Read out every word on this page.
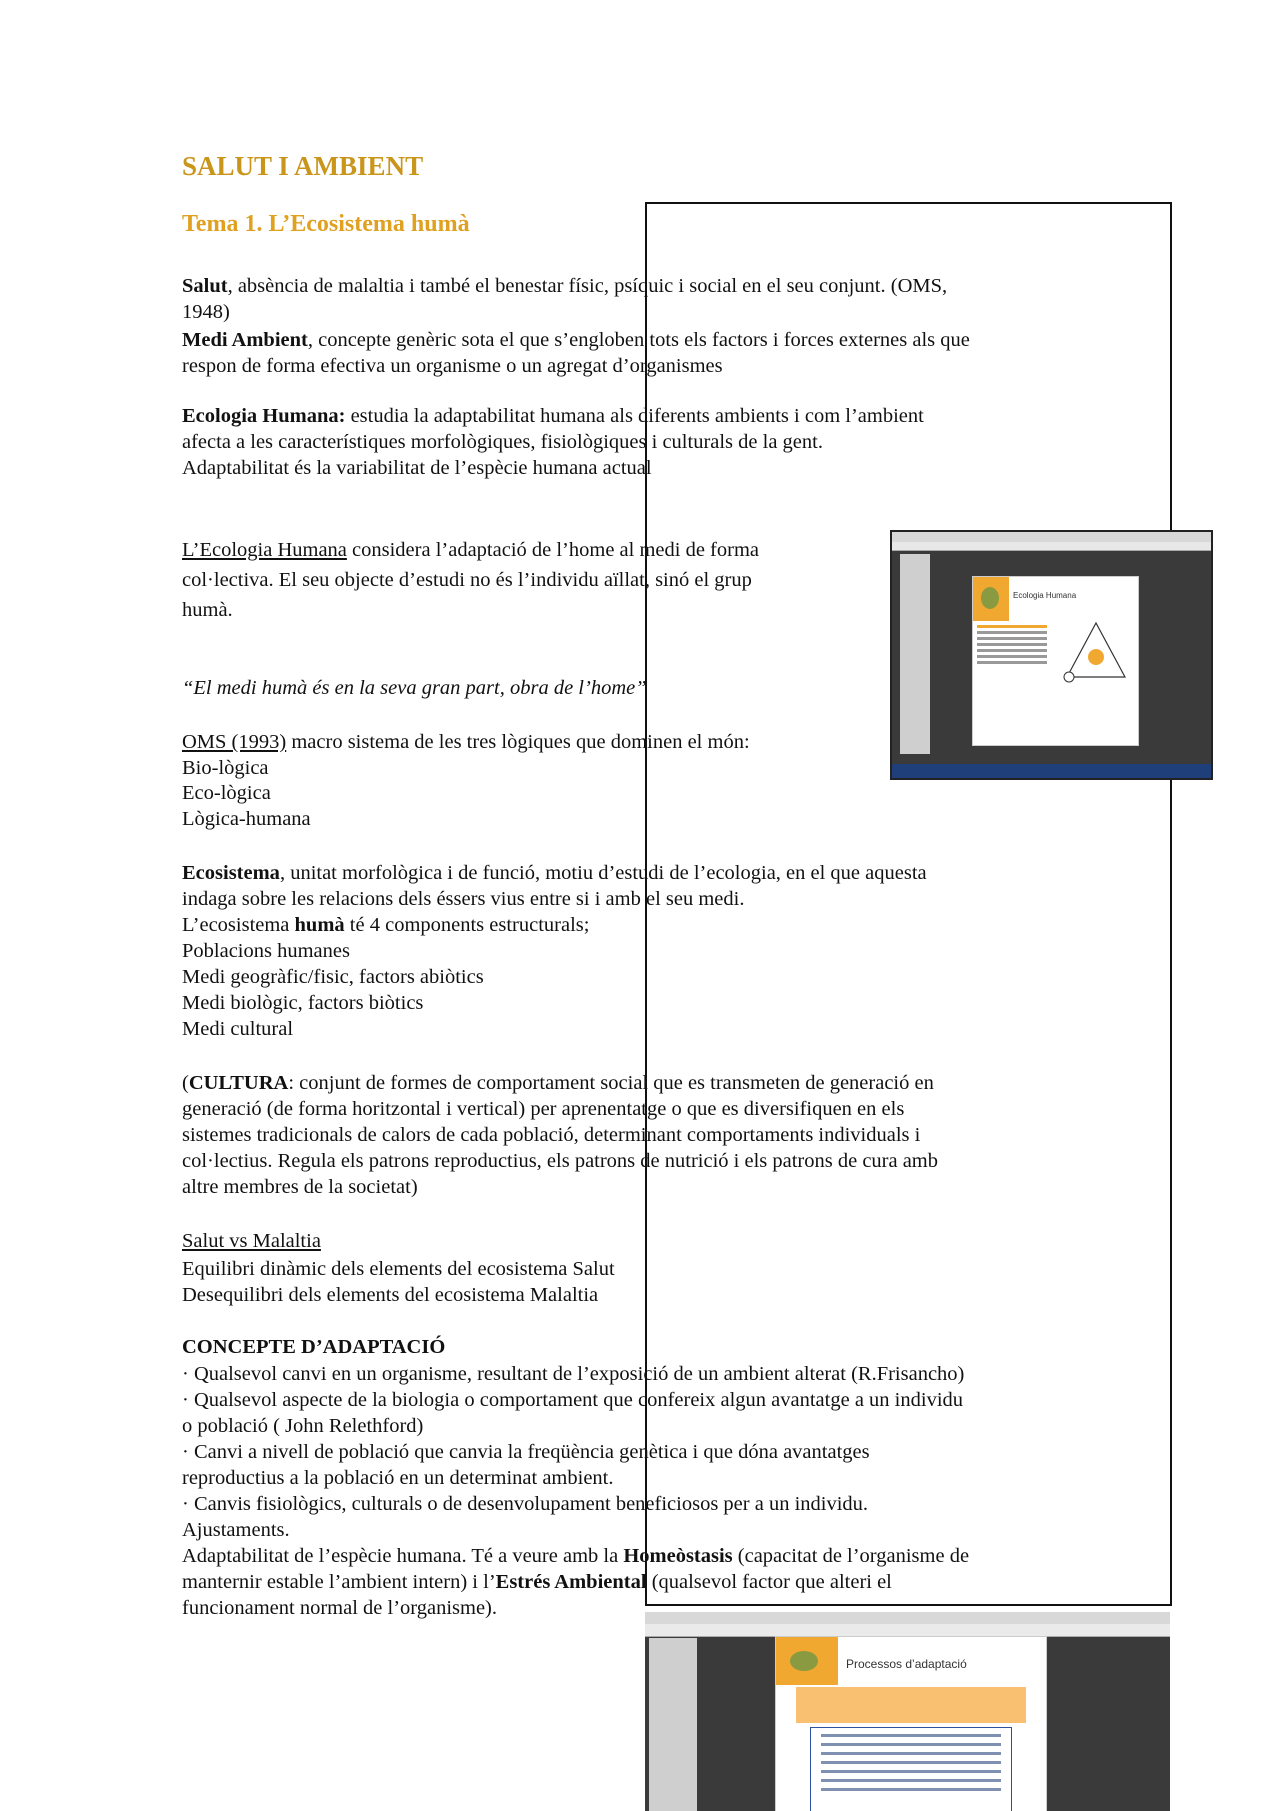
SALUT I AMBIENT
Tema 1. L’Ecosistema humà
Salut, absència de malaltia i també el benestar físic, psíquic i social en el seu conjunt. (OMS,
1948)
Medi Ambient, concepte genèric sota el que s’engloben tots els factors i forces externes als que
respon de forma efectiva un organisme o un agregat d’organismes
Ecologia Humana: estudia la adaptabilitat humana als diferents ambients i com l’ambient
afecta a les característiques morfològiques, fisiològiques i culturals de la gent.
Adaptabilitat és la variabilitat de l’espècie humana actual
L’Ecologia Humana considera l’adaptació de l’home al medi de forma
col·lectiva. El seu objecte d’estudi no és l’individu aïllat, sinó el grup
humà.
“El medi humà és en la seva gran part, obra de l’home”
OMS (1993) macro sistema de les tres lògiques que dominen el món:
Bio-lògica
Eco-lògica
Lògica-humana
Ecosistema, unitat morfològica i de funció, motiu d’estudi de l’ecologia, en el que aquesta
indaga sobre les relacions dels éssers vius entre si i amb el seu medi.
L’ecosistema humà té 4 components estructurals;
Poblacions humanes
Medi geogràfic/fisic, factors abiòtics
Medi biològic, factors biòtics
Medi cultural
(CULTURA: conjunt de formes de comportament social que es transmeten de generació en
generació (de forma horitzontal i vertical) per aprenentatge o que es diversifiquen en els
sistemes tradicionals de calors de cada població, determinant comportaments individuals i
col·lectius. Regula els patrons reproductius, els patrons de nutrició i els patrons de cura amb
altre membres de la societat)
Salut vs Malaltia
Equilibri dinàmic dels elements del ecosistema Salut
Desequilibri dels elements del ecosistema Malaltia
CONCEPTE D’ADAPTACIÓ
· Qualsevol canvi en un organisme, resultant de l’exposició de un ambient alterat (R.Frisancho)
· Qualsevol aspecte de la biologia o comportament que confereix algun avantatge a un individu
o població ( John Relethford)
· Canvi a nivell de població que canvia la freqüència genètica i que dóna avantatges
reproductius a la població en un determinat ambient.
· Canvis fisiològics, culturals o de desenvolupament beneficiosos per a un individu.
Ajustaments.
Adaptabilitat de l’espècie humana. Té a veure amb la Homeòstasis (capacitat de l’organisme de
manternir estable l’ambient intern) i l’Estrés Ambiental (qualsevol factor que alteri el
funcionament normal de l’organisme).
Ecologia Humana
Processos d’adaptació
